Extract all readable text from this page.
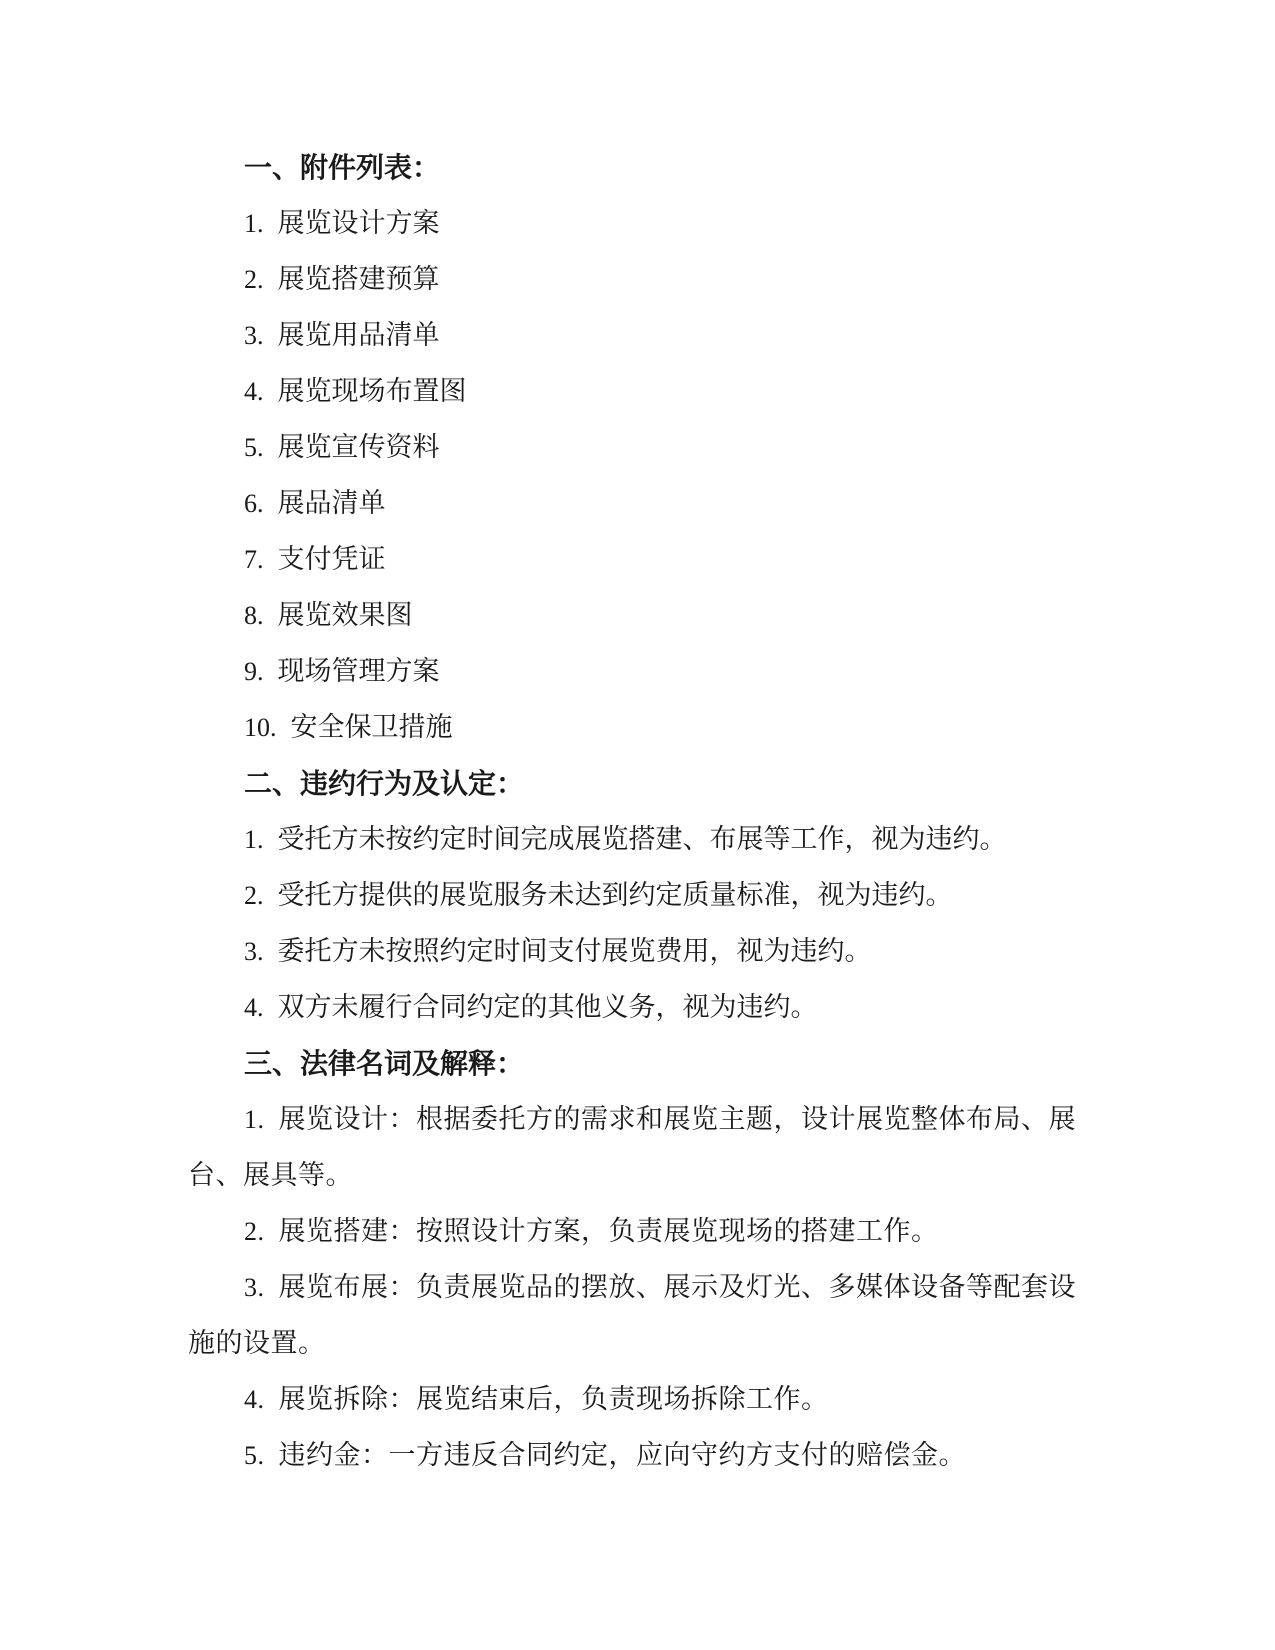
一、附件列表：
1. 展览设计方案
2. 展览搭建预算
3. 展览用品清单
4. 展览现场布置图
5. 展览宣传资料
6. 展品清单
7. 支付凭证
8. 展览效果图
9. 现场管理方案
10. 安全保卫措施
二、违约行为及认定：
1. 受托方未按约定时间完成展览搭建、布展等工作，视为违约。
2. 受托方提供的展览服务未达到约定质量标准，视为违约。
3. 委托方未按照约定时间支付展览费用，视为违约。
4. 双方未履行合同约定的其他义务，视为违约。
三、法律名词及解释：

1. 展览设计：根据委托方的需求和展览主题，设计展览整体布局、展台、展具等。

2. 展览搭建：按照设计方案，负责展览现场的搭建工作。

3. 展览布展：负责展览品的摆放、展示及灯光、多媒体设备等配套设施的设置。

4. 展览拆除：展览结束后，负责现场拆除工作。

5. 违约金：一方违反合同约定，应向守约方支付的赔偿金。
